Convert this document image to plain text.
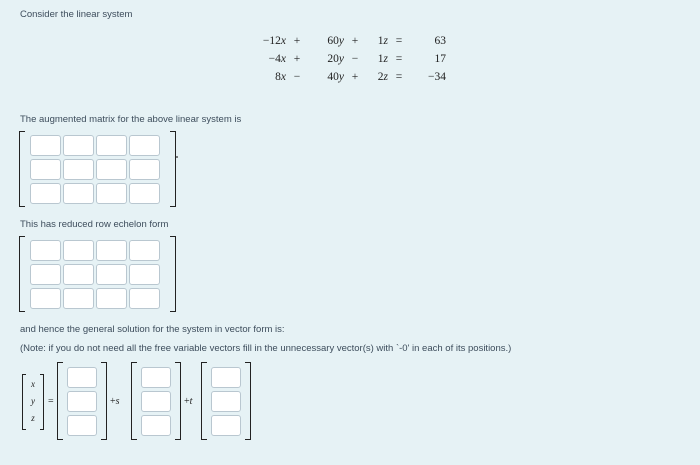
Consider the linear system
−12x	+	60y	+	1z	=	63
−4x	+	20y	−	1z	=	17
8x	−	40y	+	2z	=	−34
The augmented matrix for the above linear system is
This has reduced row echelon form
and hence the general solution for the system in vector form is:
(Note: if you do not need all the free variable vectors fill in the unnecessary vector(s) with `-0' in each of its positions.)
x
y
z
=	+s	+t
